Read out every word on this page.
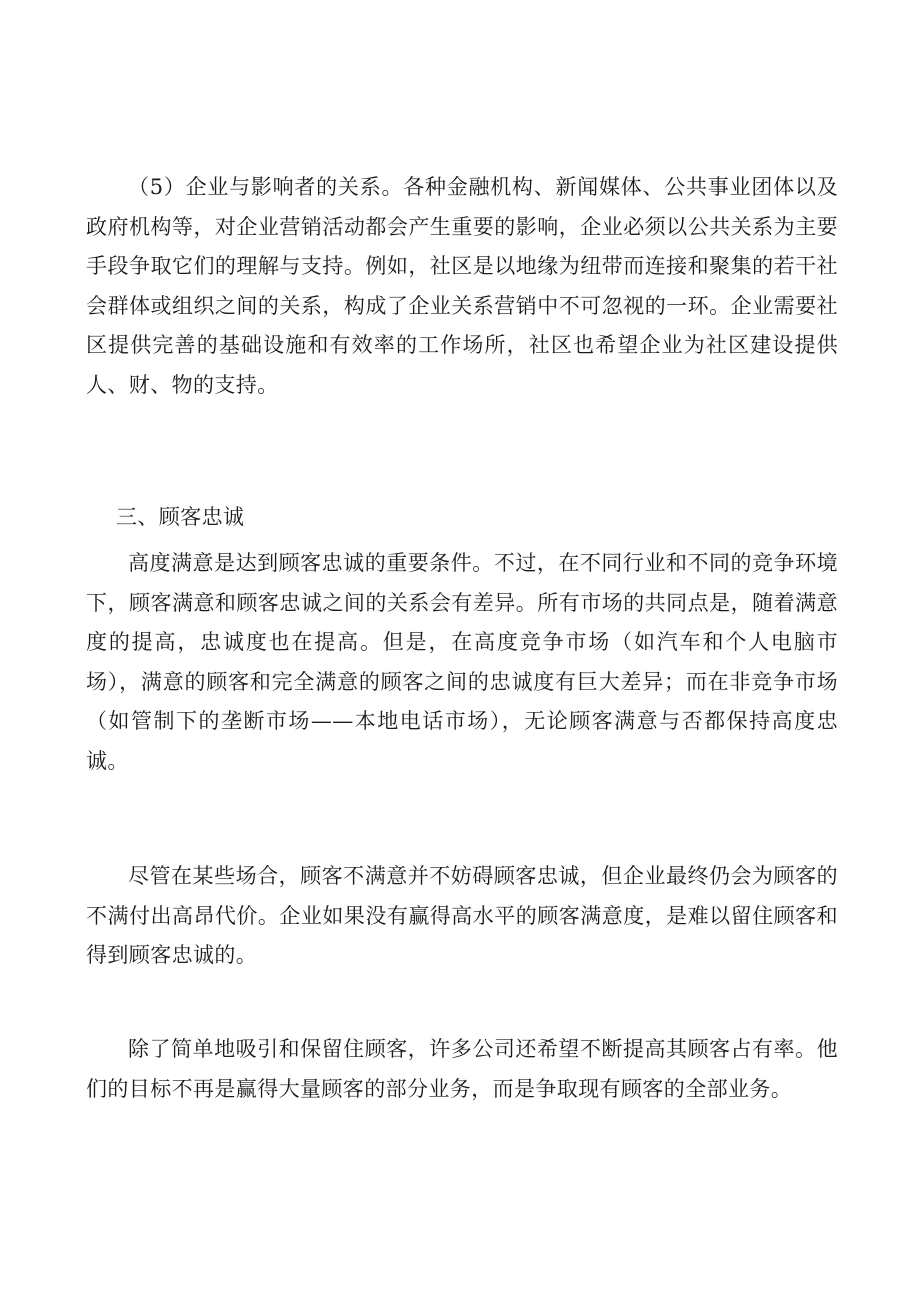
（5）企业与影响者的关系。各种金融机构、新闻媒体、公共事业团体以及政府机构等，对企业营销活动都会产生重要的影响，企业必须以公共关系为主要手段争取它们的理解与支持。例如，社区是以地缘为纽带而连接和聚集的若干社会群体或组织之间的关系，构成了企业关系营销中不可忽视的一环。企业需要社区提供完善的基础设施和有效率的工作场所，社区也希望企业为社区建设提供人、财、物的支持。

三、顾客忠诚

高度满意是达到顾客忠诚的重要条件。不过，在不同行业和不同的竞争环境下，顾客满意和顾客忠诚之间的关系会有差异。所有市场的共同点是，随着满意度的提高，忠诚度也在提高。但是，在高度竞争市场（如汽车和个人电脑市场），满意的顾客和完全满意的顾客之间的忠诚度有巨大差异；而在非竞争市场（如管制下的垄断市场——本地电话市场），无论顾客满意与否都保持高度忠诚。

尽管在某些场合，顾客不满意并不妨碍顾客忠诚，但企业最终仍会为顾客的不满付出高昂代价。企业如果没有赢得高水平的顾客满意度，是难以留住顾客和得到顾客忠诚的。

除了简单地吸引和保留住顾客，许多公司还希望不断提高其顾客占有率。他们的目标不再是赢得大量顾客的部分业务，而是争取现有顾客的全部业务。
